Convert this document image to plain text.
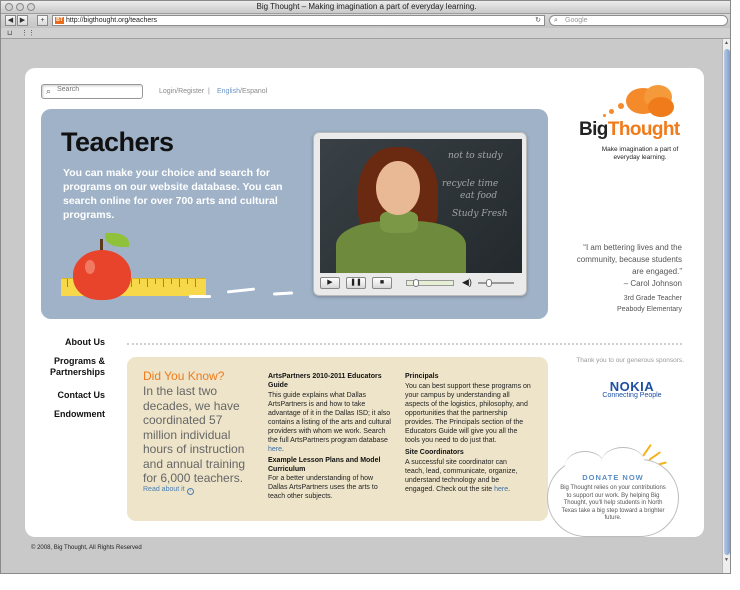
Big Thought – Making imagination a part of everyday learning.
◀ ▶	+	BT http://bigthought.org/teachers	↻ ⌕ Google
⊔ ⋮⋮
▲
▼
⌕
Search	Login/Register | English /Espanol
Teachers
You can make your choice and search for programs on our website database. You can search online for over 700 arts and cultural programs.
not to study
recycle time
eat food
Study Fresh
▶	❚❚	■	◀)
BigThought
Make imagination a part of everyday learning.
“I am bettering lives and the community, because students are engaged.”
– Carol Johnson
3rd Grade Teacher
Peabody Elementary
About Us
Programs & Partnerships
Contact Us
Endowment
Did You Know?
In the last two decades, we have coordinated 57 million individual hours of instruction and annual training for 6,000 teachers.
Read about it ›
ArtsPartners 2010-2011 Educators Guide
This guide explains what Dallas ArtsPartners is and how to take advantage of it in the Dallas ISD; it also contains a listing of the arts and cultural providers with whom we work. Search the full ArtsPartners program database here.
Example Lesson Plans and Model Curriculum
For a better understanding of how Dallas ArtsPartners uses the arts to teach other subjects.
Principals
You can best support these programs on your campus by understanding all aspects of the logistics, philosophy, and opportunities that the partnership provides. The Principals section of the Educators Guide will give you all the tools you need to do just that.
Site Coordinators
A successful site coordinator can teach, lead, communicate, organize, understand technology and be engaged. Check out the site here.
Thank you to our generous sponsors.
NOKIA
Connecting People
DONATE NOW
Big Thought relies on your contributions to support our work. By helping Big Thought, you'll help students in North Texas take a big step toward a brighter future.
© 2008, Big Thought, All Rights Reserved
